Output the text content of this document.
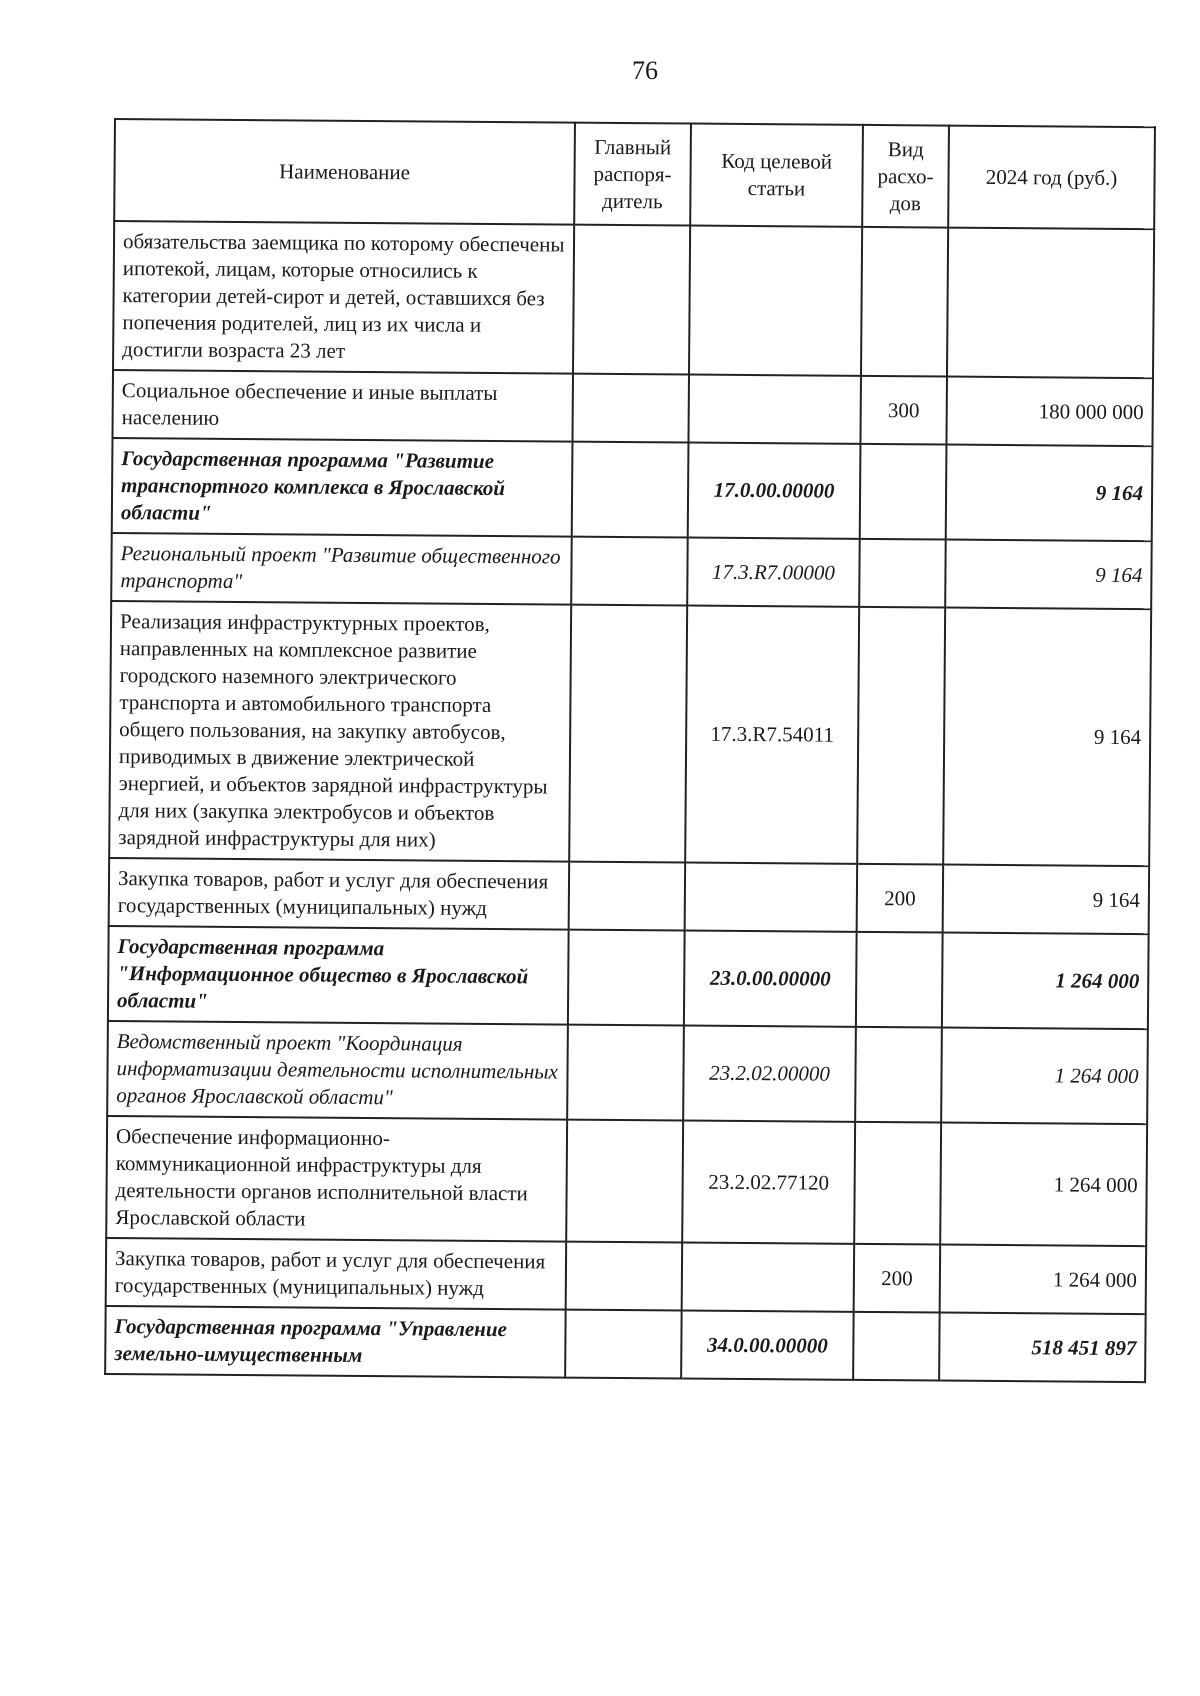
76
Наименование	Главный распоря-дитель	Код целевой статьи	Вид расхо-дов	2024 год (руб.)
обязательства заемщика по которому обеспечены ипотекой, лицам, которые относились к категории детей-сирот и детей, оставшихся без попечения родителей, лиц из их числа и достигли возраста 23 лет				
Социальное обеспечение и иные выплаты населению			300	180 000 000
Государственная программа "Развитие транспортного комплекса в Ярославской области"		17.0.00.00000		9 164
Региональный проект "Развитие общественного транспорта"		17.3.R7.00000		9 164
Реализация инфраструктурных проектов, направленных на комплексное развитие городского наземного электрического транспорта и автомобильного транспорта общего пользования, на закупку автобусов, приводимых в движение электрической энергией, и объектов зарядной инфраструктуры для них (закупка электробусов и объектов зарядной инфраструктуры для них)		17.3.R7.54011		9 164
Закупка товаров, работ и услуг для обеспечения государственных (муниципальных) нужд			200	9 164
Государственная программа "Информационное общество в Ярославской области"		23.0.00.00000		1 264 000
Ведомственный проект "Координация информатизации деятельности исполнительных органов Ярославской области"		23.2.02.00000		1 264 000
Обеспечение информационно-коммуникационной инфраструктуры для деятельности органов исполнительной власти Ярославской области		23.2.02.77120		1 264 000
Закупка товаров, работ и услуг для обеспечения государственных (муниципальных) нужд			200	1 264 000
Государственная программа "Управление земельно-имущественным		34.0.00.00000		518 451 897
